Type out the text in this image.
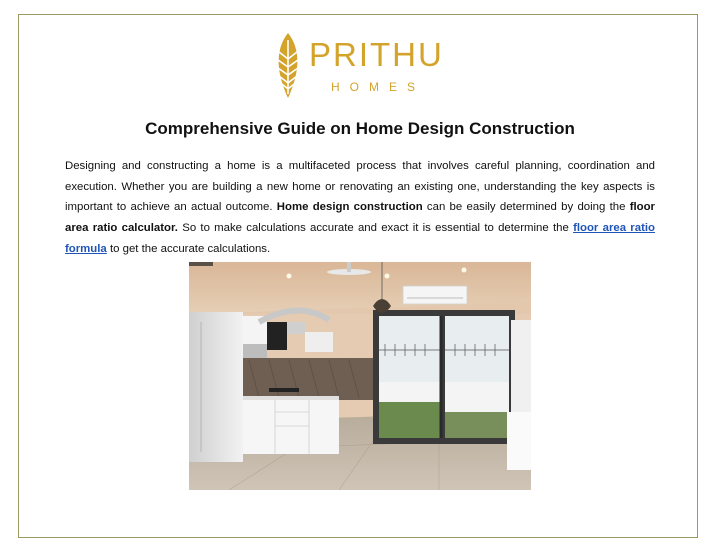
PRITHU
HOMES
Comprehensive Guide on Home Design Construction

Designing and constructing a home is a multifaceted process that involves careful planning, coordination and execution. Whether you are building a new home or renovating an existing one, understanding the key aspects is important to achieve an actual outcome. Home design construction can be easily determined by doing the floor area ratio calculator. So to make calculations accurate and exact it is essential to determine the floor area ratio formula to get the accurate calculations.
